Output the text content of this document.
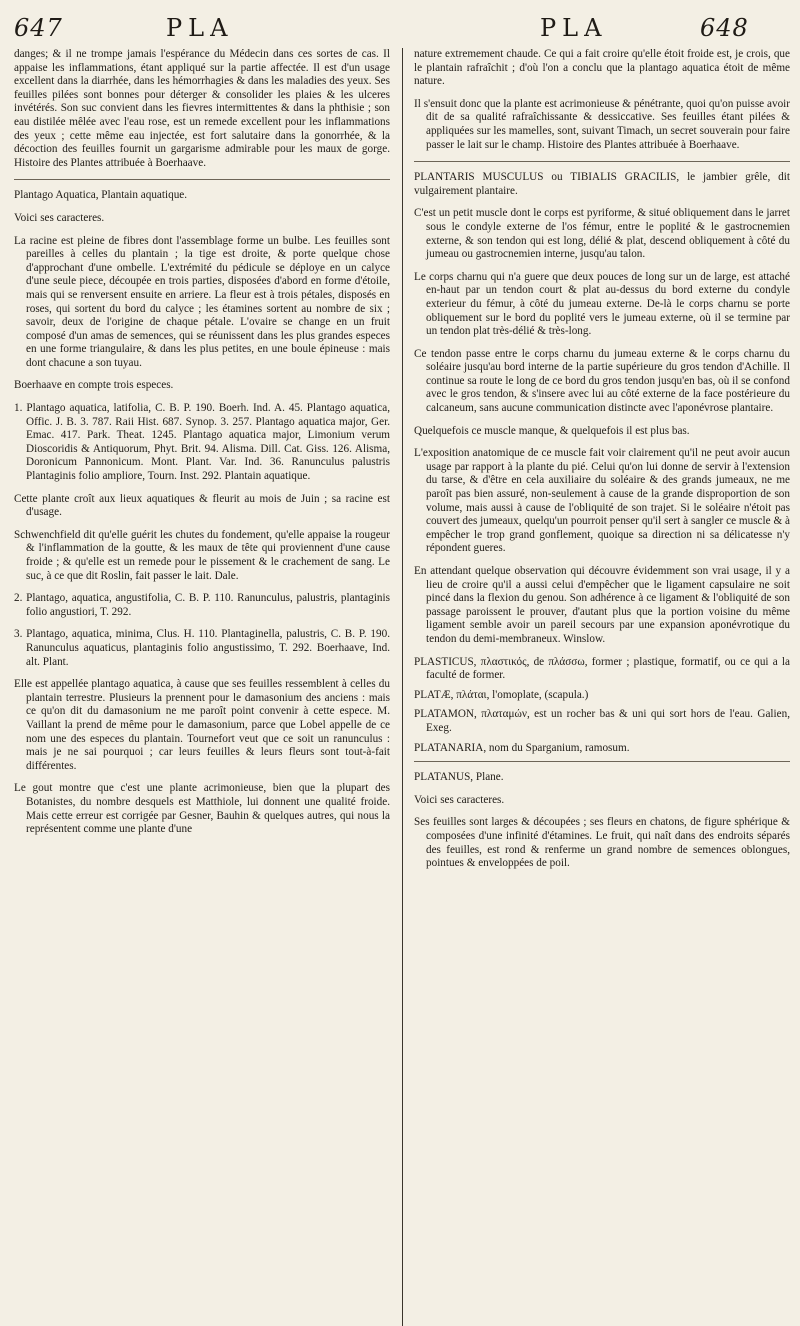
647	PLA	PLA	648

danges; & il ne trompe jamais l'espérance du Médecin dans ces sortes de cas. Il appaise les inflammations, étant appliqué sur la partie affectée. Il est d'un usage excellent dans la diarrhée, dans les hémorrhagies & dans les maladies des yeux. Ses feuilles pilées sont bonnes pour déterger & consolider les plaies & les ulceres invétérés. Son suc convient dans les fievres intermittentes & dans la phthisie ; son eau distilée mêlée avec l'eau rose, est un remede excellent pour les inflammations des yeux ; cette même eau injectée, est fort salutaire dans la gonorrhée, & la décoction des feuilles fournit un gargarisme admirable pour les maux de gorge. Histoire des Plantes attribuée à Boerhaave.

Plantago Aquatica, Plantain aquatique.

Voici ses caracteres.

La racine est pleine de fibres dont l'assemblage forme un bulbe. Les feuilles sont pareilles à celles du plantain ; la tige est droite, & porte quelque chose d'approchant d'une ombelle. L'extrémité du pédicule se déploye en un calyce d'une seule piece, découpée en trois parties, disposées d'abord en forme d'étoile, mais qui se renversent ensuite en arriere. La fleur est à trois pétales, disposés en roses, qui sortent du bord du calyce ; les étamines sortent au nombre de six ; savoir, deux de l'origine de chaque pétale. L'ovaire se change en un fruit composé d'un amas de semences, qui se réunissent dans les plus grandes especes en une forme triangulaire, & dans les plus petites, en une boule épineuse : mais dont chacune a son tuyau.

Boerhaave en compte trois especes.

1. Plantago aquatica, latifolia, C. B. P. 190. Boerh. Ind. A. 45. Plantago aquatica, Offic. J. B. 3. 787. Raii Hist. 687. Synop. 3. 257. Plantago aquatica major, Ger. Emac. 417. Park. Theat. 1245. Plantago aquatica major, Limonium verum Dioscoridis & Antiquorum, Phyt. Brit. 94. Alisma. Dill. Cat. Giss. 126. Alisma, Doronicum Pannonicum. Mont. Plant. Var. Ind. 36. Ranunculus palustris Plantaginis folio ampliore, Tourn. Inst. 292. Plantain aquatique.

Cette plante croît aux lieux aquatiques & fleurit au mois de Juin ; sa racine est d'usage.

Schwenchfield dit qu'elle guérit les chutes du fondement, qu'elle appaise la rougeur & l'inflammation de la goutte, & les maux de tête qui proviennent d'une cause froide ; & qu'elle est un remede pour le pissement & le crachement de sang. Le suc, à ce que dit Roslin, fait passer le lait. Dale.

2. Plantago, aquatica, angustifolia, C. B. P. 110. Ranunculus, palustris, plantaginis folio angustiori, T. 292.

3. Plantago, aquatica, minima, Clus. H. 110. Plantaginella, palustris, C. B. P. 190. Ranunculus aquaticus, plantaginis folio angustissimo, T. 292. Boerhaave, Ind. alt. Plant.

Elle est appellée plantago aquatica, à cause que ses feuilles ressemblent à celles du plantain terrestre. Plusieurs la prennent pour le damasonium des anciens : mais ce qu'on dit du damasonium ne me paroît point convenir à cette espece. M. Vaillant la prend de même pour le damasonium, parce que Lobel appelle de ce nom une des especes du plantain. Tournefort veut que ce soit un ranunculus : mais je ne sai pourquoi ; car leurs feuilles & leurs fleurs sont tout-à-fait différentes.

Le gout montre que c'est une plante acrimonieuse, bien que la plupart des Botanistes, du nombre desquels est Matthiole, lui donnent une qualité froide. Mais cette erreur est corrigée par Gesner, Bauhin & quelques autres, qui nous la représentent comme une plante d'une

nature extremement chaude. Ce qui a fait croire qu'elle étoit froide est, je crois, que le plantain rafraîchit ; d'où l'on a conclu que la plantago aquatica étoit de même nature.

Il s'ensuit donc que la plante est acrimonieuse & pénétrante, quoi qu'on puisse avoir dit de sa qualité rafraîchissante & dessiccative. Ses feuilles étant pilées & appliquées sur les mamelles, sont, suivant Timach, un secret souverain pour faire passer le lait sur le champ. Histoire des Plantes attribuée à Boerhaave.

PLANTARIS MUSCULUS ou TIBIALIS GRACILIS, le jambier grêle, dit vulgairement plantaire.

C'est un petit muscle dont le corps est pyriforme, & situé obliquement dans le jarret sous le condyle externe de l'os fémur, entre le poplité & le gastrocnemien externe, & son tendon qui est long, délié & plat, descend obliquement à côté du jumeau ou gastrocnemien interne, jusqu'au talon.

Le corps charnu qui n'a guere que deux pouces de long sur un de large, est attaché en-haut par un tendon court & plat au-dessus du bord externe du condyle exterieur du fémur, à côté du jumeau externe. De-là le corps charnu se porte obliquement sur le bord du poplité vers le jumeau externe, où il se termine par un tendon plat très-délié & très-long.

Ce tendon passe entre le corps charnu du jumeau externe & le corps charnu du soléaire jusqu'au bord interne de la partie supérieure du gros tendon d'Achille. Il continue sa route le long de ce bord du gros tendon jusqu'en bas, où il se confond avec le gros tendon, & s'insere avec lui au côté externe de la face postérieure du calcaneum, sans aucune communication distincte avec l'aponévrose plantaire.

Quelquefois ce muscle manque, & quelquefois il est plus bas.

L'exposition anatomique de ce muscle fait voir clairement qu'il ne peut avoir aucun usage par rapport à la plante du pié. Celui qu'on lui donne de servir à l'extension du tarse, & d'être en cela auxiliaire du soléaire & des grands jumeaux, ne me paroît pas bien assuré, non-seulement à cause de la grande disproportion de son volume, mais aussi à cause de l'obliquité de son trajet. Si le soléaire n'étoit pas couvert des jumeaux, quelqu'un pourroit penser qu'il sert à sangler ce muscle & à empêcher le trop grand gonflement, quoique sa direction ni sa délicatesse n'y répondent gueres.

En attendant quelque observation qui découvre évidemment son vrai usage, il y a lieu de croire qu'il a aussi celui d'empêcher que le ligament capsulaire ne soit pincé dans la flexion du genou. Son adhérence à ce ligament & l'obliquité de son passage paroissent le prouver, d'autant plus que la portion voisine du même ligament semble avoir un pareil secours par une expansion aponévrotique du tendon du demi-membraneux. Winslow.

PLASTICUS, πλαστικός, de πλάσσω, former ; plastique, formatif, ou ce qui a la faculté de former.

PLATÆ, πλάται, l'omoplate, (scapula.)

PLATAMON, πλαταμών, est un rocher bas & uni qui sort hors de l'eau. Galien, Exeg.

PLATANARIA, nom du Sparganium, ramosum.

PLATANUS, Plane.

Voici ses caracteres.

Ses feuilles sont larges & découpées ; ses fleurs en chatons, de figure sphérique & composées d'une infinité d'étamines. Le fruit, qui naît dans des endroits séparés des feuilles, est rond & renferme un grand nombre de semences oblongues, pointues & enveloppées de poil.
